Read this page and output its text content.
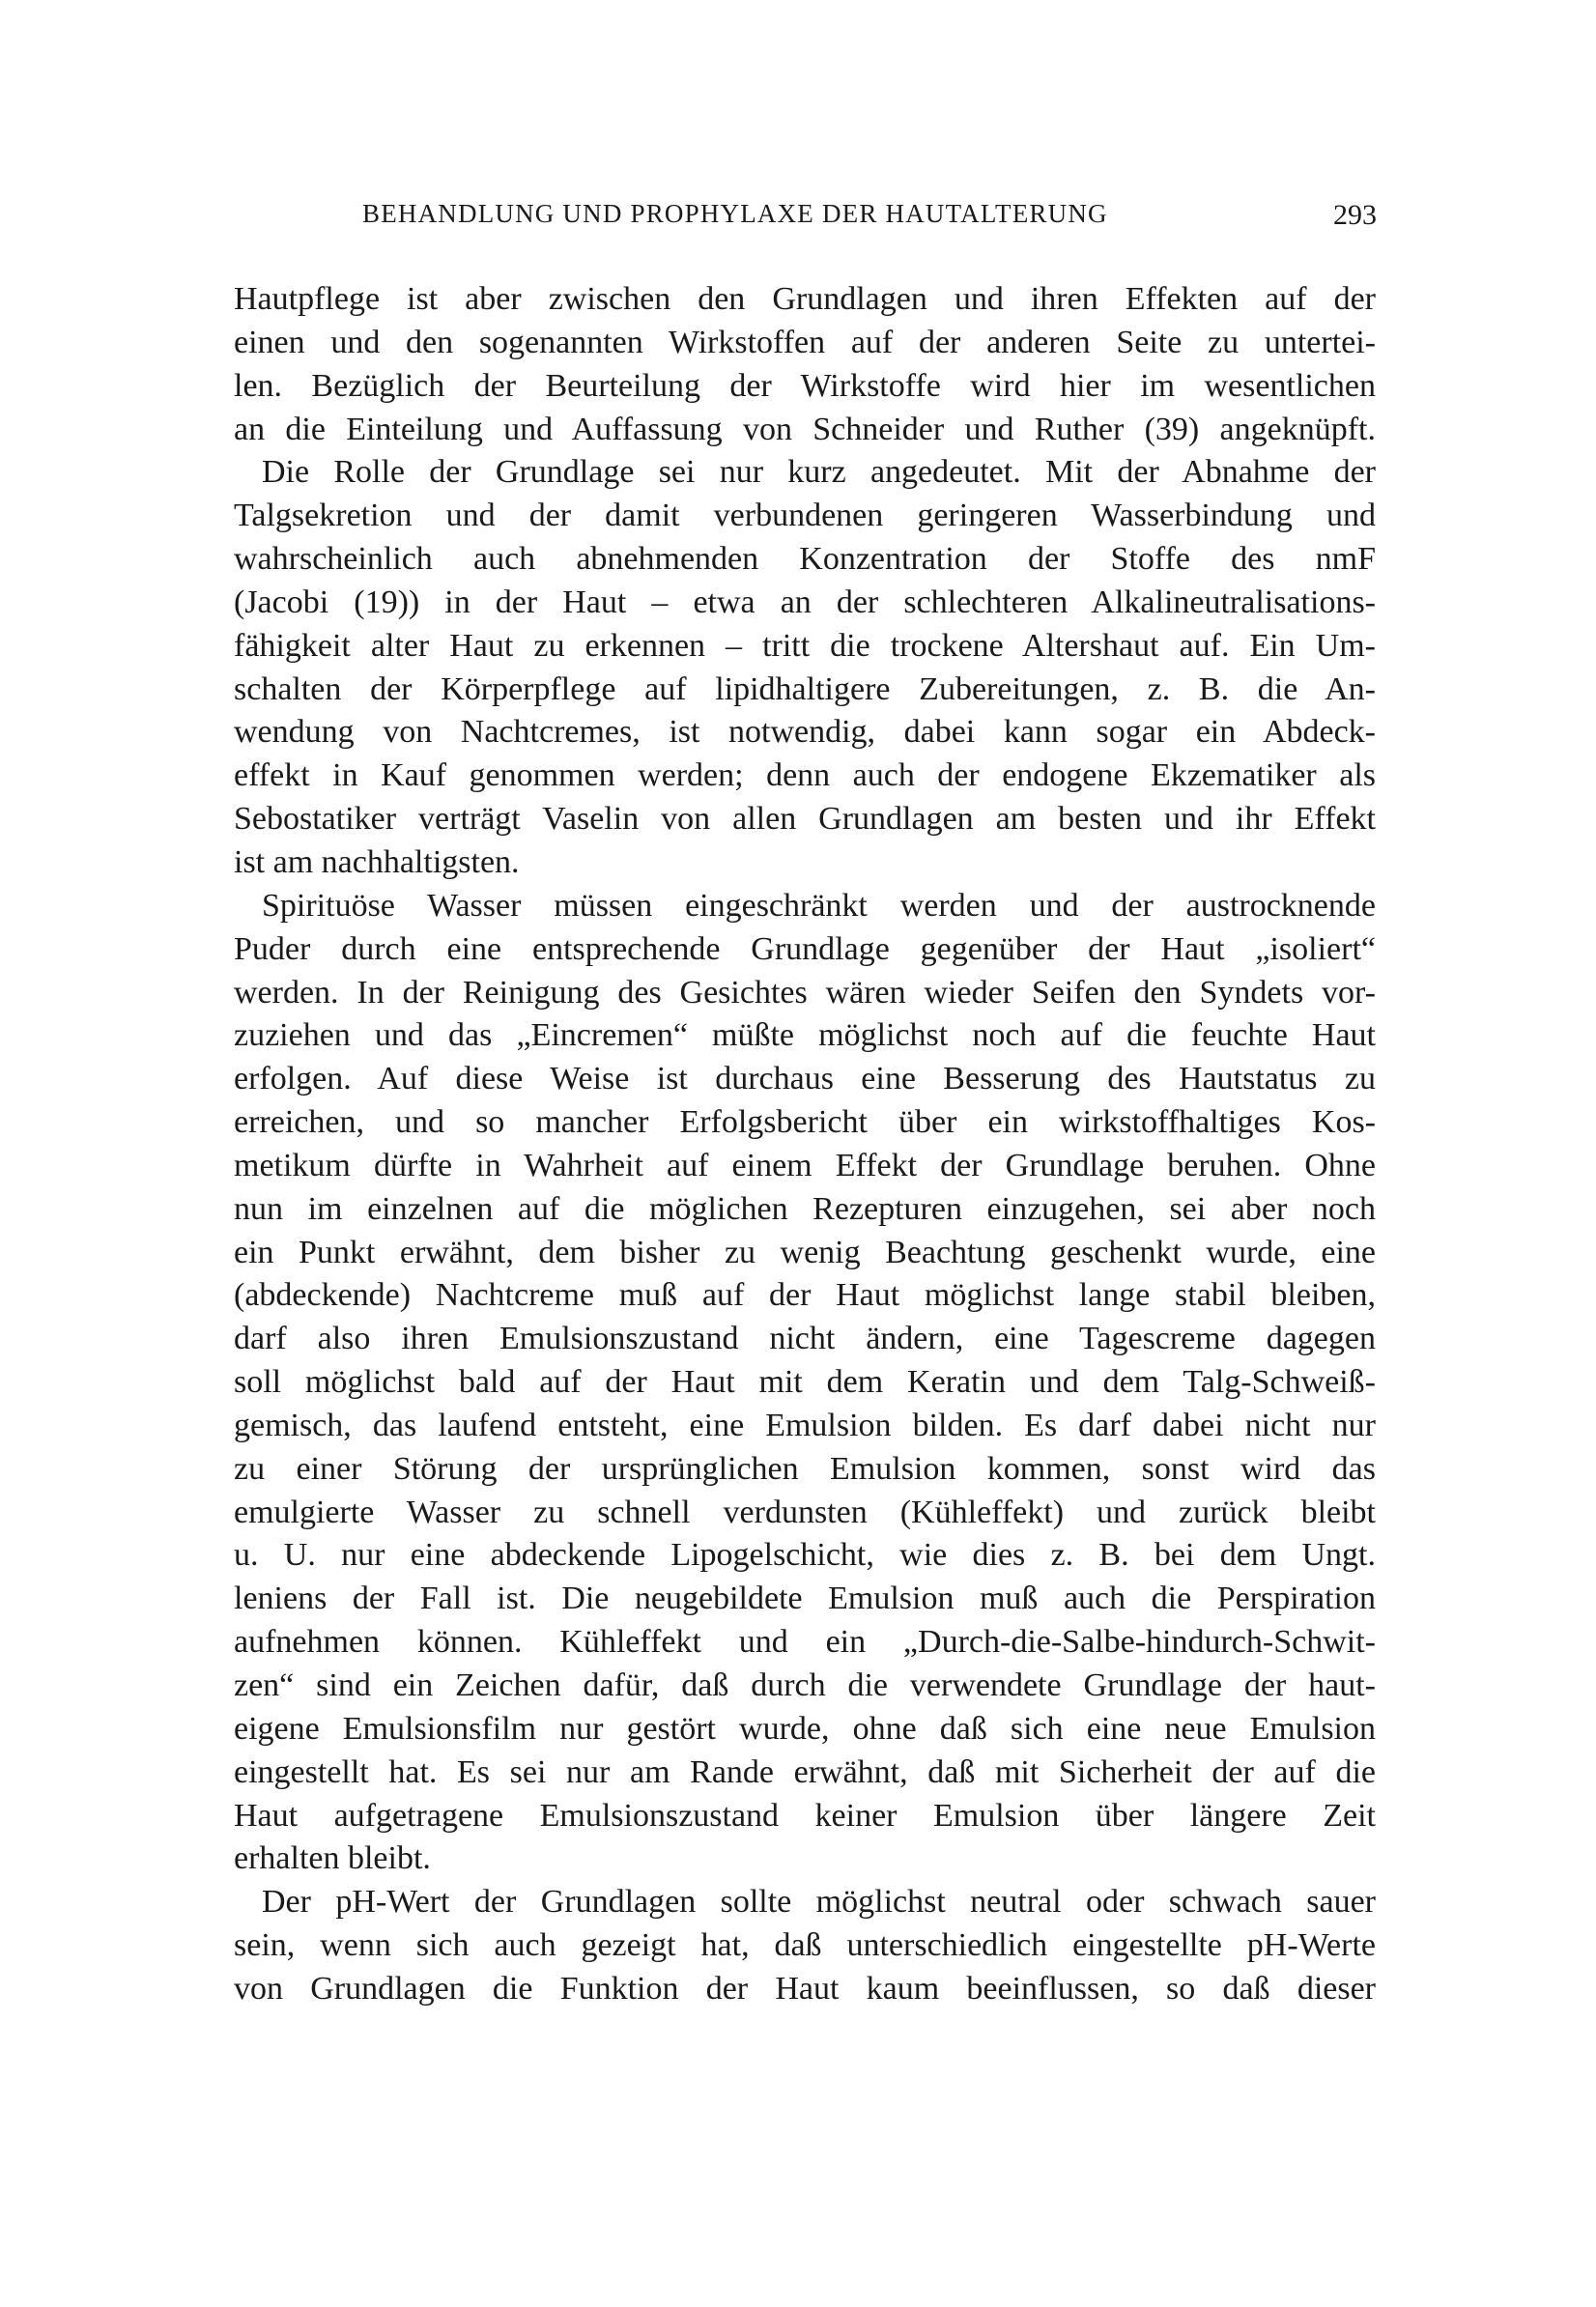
BEHANDLUNG UND PROPHYLAXE DER HAUTALTERUNG	293
Hautpflege ist aber zwischen den Grundlagen und ihren Effekten auf der
einen und den sogenannten Wirkstoffen auf der anderen Seite zu untertei-
len. Bezüglich der Beurteilung der Wirkstoffe wird hier im wesentlichen
an die Einteilung und Auffassung von Schneider und Ruther (39) angeknüpft.
Die Rolle der Grundlage sei nur kurz angedeutet. Mit der Abnahme der
Talgsekretion und der damit verbundenen geringeren Wasserbindung und
wahrscheinlich auch abnehmenden Konzentration der Stoffe des nmF
(Jacobi (19)) in der Haut – etwa an der schlechteren Alkalineutralisations-
fähigkeit alter Haut zu erkennen – tritt die trockene Altershaut auf. Ein Um-
schalten der Körperpflege auf lipidhaltigere Zubereitungen, z. B. die An-
wendung von Nachtcremes, ist notwendig, dabei kann sogar ein Abdeck-
effekt in Kauf genommen werden; denn auch der endogene Ekzematiker als
Sebostatiker verträgt Vaselin von allen Grundlagen am besten und ihr Effekt
ist am nachhaltigsten.
Spirituöse Wasser müssen eingeschränkt werden und der austrocknende
Puder durch eine entsprechende Grundlage gegenüber der Haut „isoliert“
werden. In der Reinigung des Gesichtes wären wieder Seifen den Syndets vor-
zuziehen und das „Eincremen“ müßte möglichst noch auf die feuchte Haut
erfolgen. Auf diese Weise ist durchaus eine Besserung des Hautstatus zu
erreichen, und so mancher Erfolgsbericht über ein wirkstoffhaltiges Kos-
metikum dürfte in Wahrheit auf einem Effekt der Grundlage beruhen. Ohne
nun im einzelnen auf die möglichen Rezepturen einzugehen, sei aber noch
ein Punkt erwähnt, dem bisher zu wenig Beachtung geschenkt wurde, eine
(abdeckende) Nachtcreme muß auf der Haut möglichst lange stabil bleiben,
darf also ihren Emulsionszustand nicht ändern, eine Tagescreme dagegen
soll möglichst bald auf der Haut mit dem Keratin und dem Talg-Schweiß-
gemisch, das laufend entsteht, eine Emulsion bilden. Es darf dabei nicht nur
zu einer Störung der ursprünglichen Emulsion kommen, sonst wird das
emulgierte Wasser zu schnell verdunsten (Kühleffekt) und zurück bleibt
u. U. nur eine abdeckende Lipogelschicht, wie dies z. B. bei dem Ungt.
leniens der Fall ist. Die neugebildete Emulsion muß auch die Perspiration
aufnehmen können. Kühleffekt und ein „Durch-die-Salbe-hindurch-Schwit-
zen“ sind ein Zeichen dafür, daß durch die verwendete Grundlage der haut-
eigene Emulsionsfilm nur gestört wurde, ohne daß sich eine neue Emulsion
eingestellt hat. Es sei nur am Rande erwähnt, daß mit Sicherheit der auf die
Haut aufgetragene Emulsionszustand keiner Emulsion über längere Zeit
erhalten bleibt.
Der pH-Wert der Grundlagen sollte möglichst neutral oder schwach sauer
sein, wenn sich auch gezeigt hat, daß unterschiedlich eingestellte pH-Werte
von Grundlagen die Funktion der Haut kaum beeinflussen, so daß dieser
